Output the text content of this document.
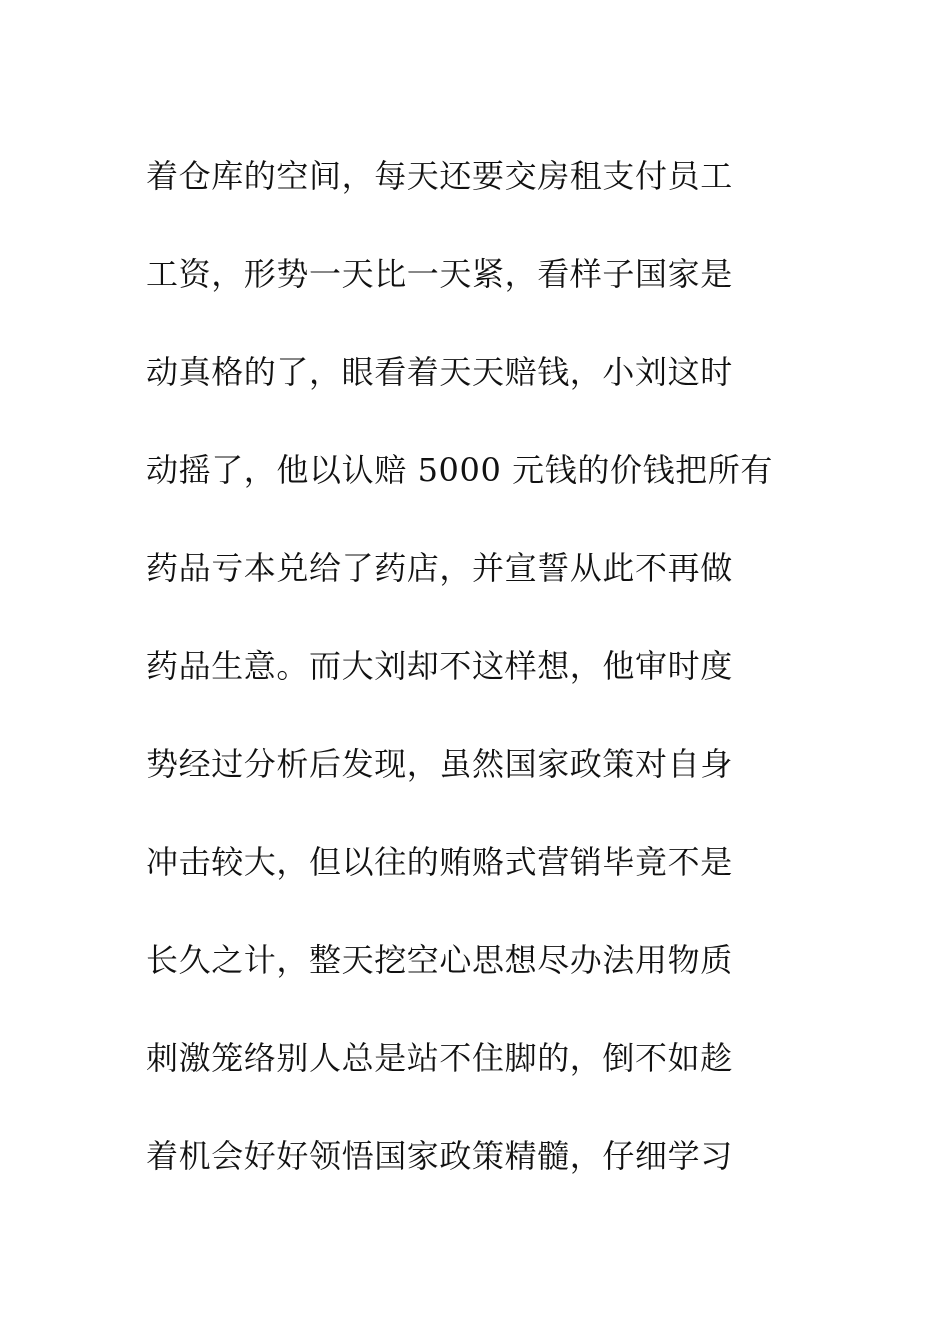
着仓库的空间，每天还要交房租支付员工
工资，形势一天比一天紧，看样子国家是
动真格的了，眼看着天天赔钱，小刘这时
动摇了，他以认赔 5000 元钱的价钱把所有
药品亏本兑给了药店，并宣誓从此不再做
药品生意。而大刘却不这样想，他审时度
势经过分析后发现，虽然国家政策对自身
冲击较大，但以往的贿赂式营销毕竟不是
长久之计，整天挖空心思想尽办法用物质
刺激笼络别人总是站不住脚的，倒不如趁
着机会好好领悟国家政策精髓，仔细学习
